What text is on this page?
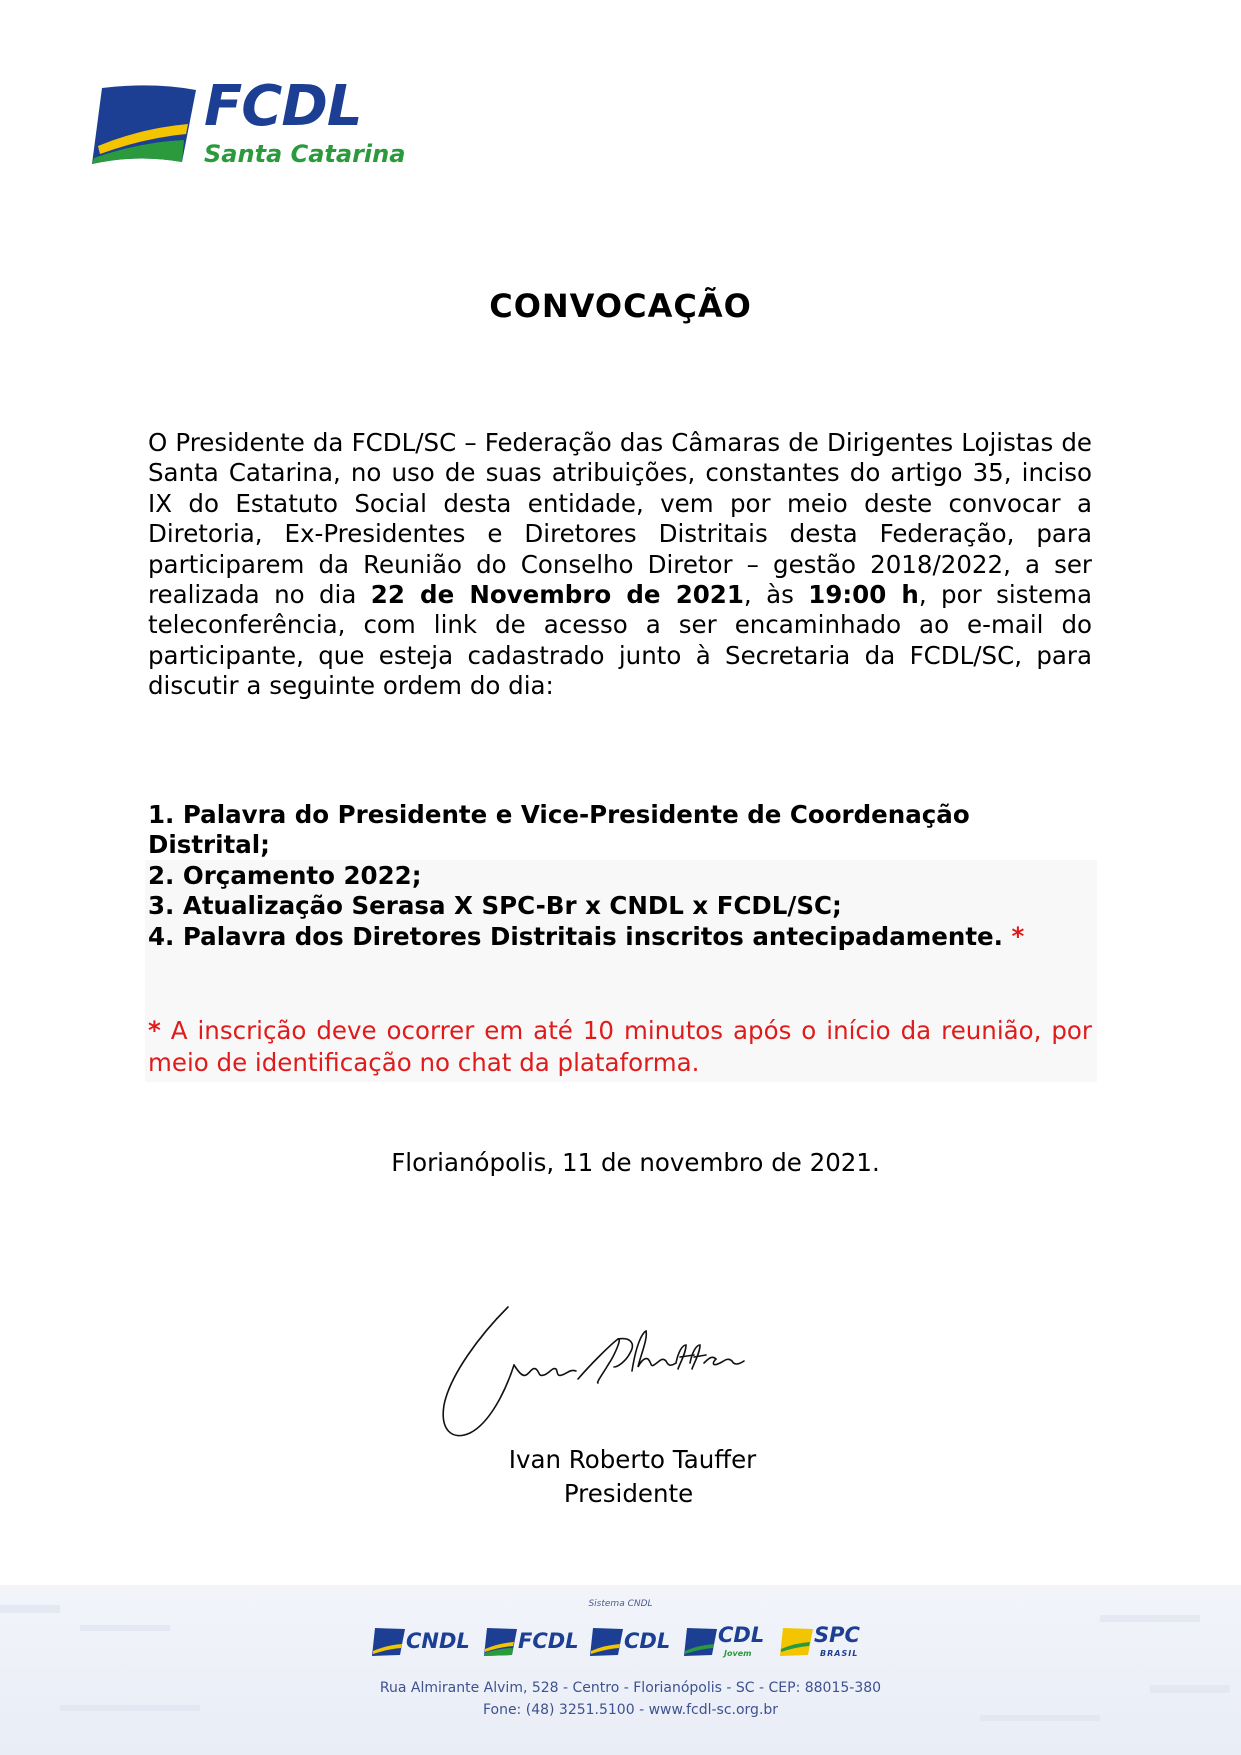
FCDL
Santa Catarina
CONVOCAÇÃO
O Presidente da FCDL/SC – Federação das Câmaras de Dirigentes Lojistas de Santa Catarina, no uso de suas atribuições, constantes do artigo 35, inciso IX do Estatuto Social desta entidade, vem por meio deste convocar a Diretoria, Ex-Presidentes e Diretores Distritais desta Federação, para participarem da Reunião do Conselho Diretor – gestão 2018/2022, a ser realizada no dia 22 de Novembro de 2021, às 19:00 h, por sistema teleconferência, com link de acesso a ser encaminhado ao e-mail do participante, que esteja cadastrado junto à Secretaria da FCDL/SC, para discutir a seguinte ordem do dia:
1. Palavra do Presidente e Vice-Presidente de Coordenação
Distrital;
2. Orçamento 2022;
3. Atualização Serasa X SPC-Br x CNDL x FCDL/SC;
4. Palavra dos Diretores Distritais inscritos antecipadamente. *
* A inscrição deve ocorrer em até 10 minutos após o início da reunião, por meio de identificação no chat da plataforma.
Florianópolis, 11 de novembro de 2021.
Ivan Roberto Tauffer
Presidente
Sistema CNDL
CNDL FCDL CDL CDL
Jovem
SPC
BRASIL
Rua Almirante Alvim, 528 - Centro - Florianópolis - SC - CEP: 88015-380
Fone: (48) 3251.5100 - www.fcdl-sc.org.br
